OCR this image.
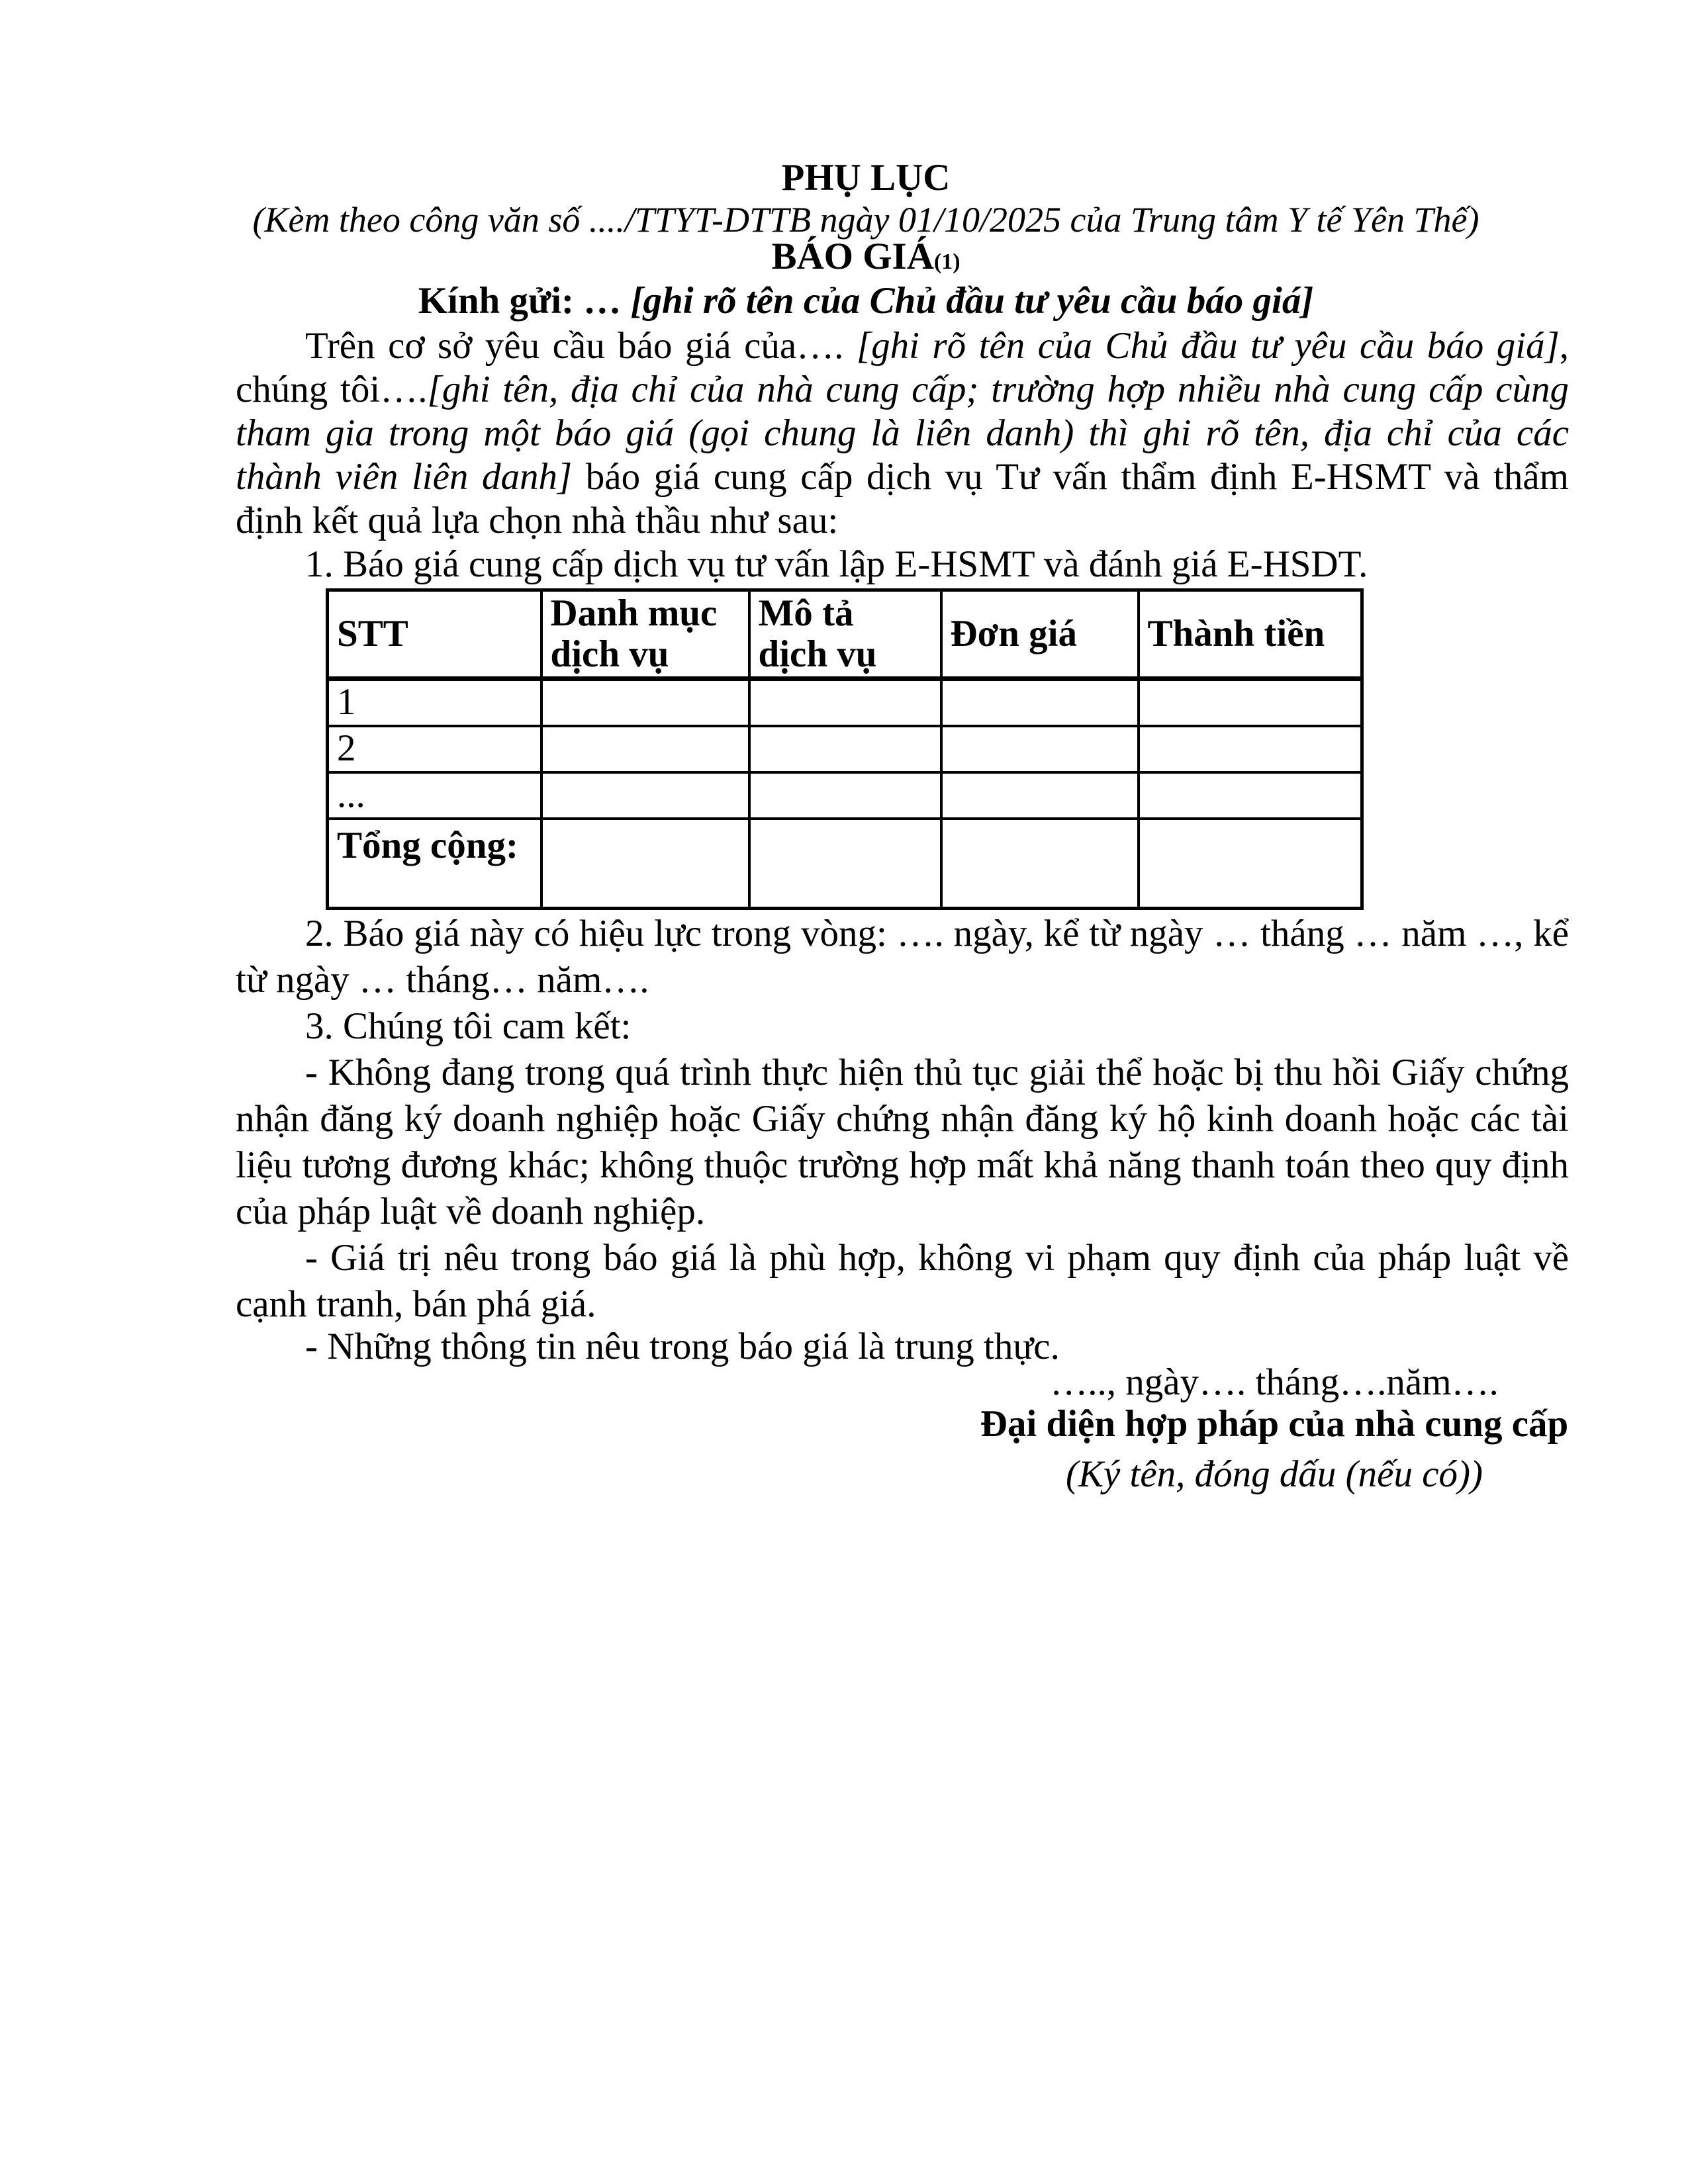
PHỤ LỤC
(Kèm theo công văn số ..../TTYT-DTTB ngày 01/10/2025 của Trung tâm Y tế Yên Thế)
BÁO GIÁ(1)
Kính gửi: … [ghi rõ tên của Chủ đầu tư yêu cầu báo giá]
Trên cơ sở yêu cầu báo giá của…. [ghi rõ tên của Chủ đầu tư yêu cầu báo giá], chúng tôi….[ghi tên, địa chỉ của nhà cung cấp; trường hợp nhiều nhà cung cấp cùng tham gia trong một báo giá (gọi chung là liên danh) thì ghi rõ tên, địa chỉ của các thành viên liên danh] báo giá cung cấp dịch vụ Tư vấn thẩm định E-HSMT và thẩm định kết quả lựa chọn nhà thầu như sau:
1. Báo giá cung cấp dịch vụ tư vấn lập E-HSMT và đánh giá E-HSDT.
STT	Danh mục dịch vụ	Mô tả dịch vụ	Đơn giá	Thành tiền
1				
2				
...				
Tổng cộng:				
2. Báo giá này có hiệu lực trong vòng: …. ngày, kể từ ngày … tháng … năm …, kể từ ngày … tháng… năm….
3. Chúng tôi cam kết:
- Không đang trong quá trình thực hiện thủ tục giải thể hoặc bị thu hồi Giấy chứng nhận đăng ký doanh nghiệp hoặc Giấy chứng nhận đăng ký hộ kinh doanh hoặc các tài liệu tương đương khác; không thuộc trường hợp mất khả năng thanh toán theo quy định của pháp luật về doanh nghiệp.
- Giá trị nêu trong báo giá là phù hợp, không vi phạm quy định của pháp luật về cạnh tranh, bán phá giá.
- Những thông tin nêu trong báo giá là trung thực.
….., ngày…. tháng….năm….
Đại diện hợp pháp của nhà cung cấp
(Ký tên, đóng dấu (nếu có))
